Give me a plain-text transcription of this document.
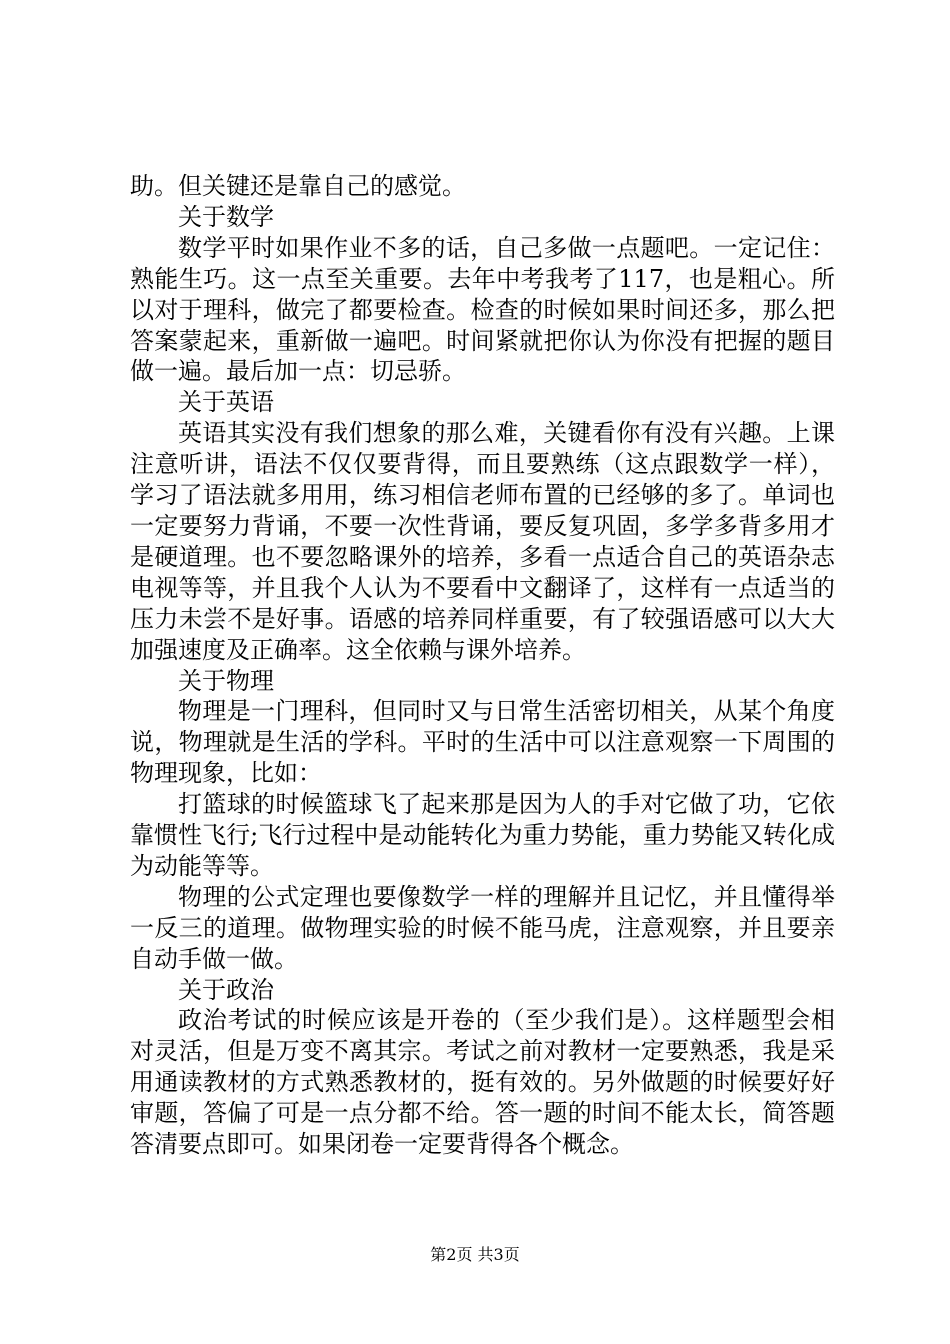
助。但关键还是靠自己的感觉。

关于数学

数学平时如果作业不多的话，自己多做一点题吧。一定记住：熟能生巧。这一点至关重要。去年中考我考了117，也是粗心。所以对于理科，做完了都要检查。检查的时候如果时间还多，那么把答案蒙起来，重新做一遍吧。时间紧就把你认为你没有把握的题目做一遍。最后加一点：切忌骄。

关于英语

英语其实没有我们想象的那么难，关键看你有没有兴趣。上课注意听讲，语法不仅仅要背得，而且要熟练（这点跟数学一样），学习了语法就多用用，练习相信老师布置的已经够的多了。单词也一定要努力背诵，不要一次性背诵，要反复巩固，多学多背多用才是硬道理。也不要忽略课外的培养，多看一点适合自己的英语杂志电视等等，并且我个人认为不要看中文翻译了，这样有一点适当的压力未尝不是好事。语感的培养同样重要，有了较强语感可以大大加强速度及正确率。这全依赖与课外培养。

关于物理

物理是一门理科，但同时又与日常生活密切相关，从某个角度说，物理就是生活的学科。平时的生活中可以注意观察一下周围的物理现象，比如：

打篮球的时候篮球飞了起来那是因为人的手对它做了功，它依靠惯性飞行;飞行过程中是动能转化为重力势能，重力势能又转化成为动能等等。

物理的公式定理也要像数学一样的理解并且记忆，并且懂得举一反三的道理。做物理实验的时候不能马虎，注意观察，并且要亲自动手做一做。

关于政治

政治考试的时候应该是开卷的（至少我们是）。这样题型会相对灵活，但是万变不离其宗。考试之前对教材一定要熟悉，我是采用通读教材的方式熟悉教材的，挺有效的。另外做题的时候要好好审题，答偏了可是一点分都不给。答一题的时间不能太长，简答题答清要点即可。如果闭卷一定要背得各个概念。

第2页 共3页
